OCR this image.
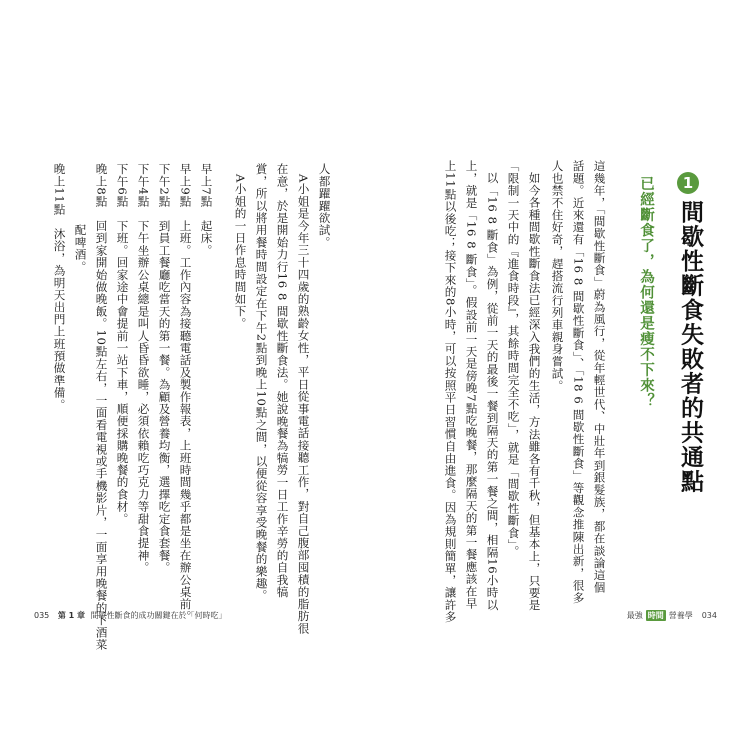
1
間歇性斷食失敗者的共通點
已經斷食了，為何還是瘦不下來？
這幾年，「間歇性斷食」蔚為風行，從年輕世代、中壯年到銀髮族，都在談論這個
話題。近來還有「16 8 間歇性斷食」、「18 6 間歇性斷食」等觀念推陳出新，很多
人也禁不住好奇，趕搭流行列車親身嘗試。
如今各種間歇性斷食法已經深入我們的生活，方法雖各有千秋，但基本上，只要是
「限制一天中的『進食時段』，其餘時間完全不吃」，就是「間歇性斷食」。
以「16 8 斷食」為例，從前一天的最後一餐到隔天的第一餐之間，相隔16小時以
上，就是「16 8 斷食」。假設前一天是傍晚7點吃晚餐，那麼隔天的第一餐應該在早
上11點以後吃；接下來的8小時，可以按照平日習慣自由進食。因為規則簡單，讓許多	最強 時間 營養學 034
人都躍躍欲試。
A小姐是今年三十四歲的熟齡女性，平日從事電話接聽工作，對自己腹部囤積的脂肪很
在意，於是開始力行16 8 間歇性斷食法。她說晚餐為犒勞一日工作辛勞的自我犒
賞，所以將用餐時間設定在下午2點到晚上10點之間，以便從容享受晚餐的樂趣。
A小姐的一日作息時間如下。
早上7點　起床。
早上9點　上班。工作內容為接聽電話及製作報表，上班時間幾乎都是坐在辦公桌前。
下午2點　到員工餐廳吃當天的第一餐。為顧及營養均衡，選擇吃定食套餐。
下午4點　下午坐辦公桌總是叫人昏昏欲睡，必須依賴吃巧克力等甜食提神。
下午6點　下班。回家途中會提前一站下車，順便採購晚餐的食材。
晚上8點　回到家開始做晚飯。10點左右，一面看電視或手機影片，一面享用晚餐的下酒菜
　　　　　配啤酒。
晚上11點　沐浴，為明天出門上班預做準備。
035 第 1 章 間歇性斷食的成功關鍵在於「何時吃」
